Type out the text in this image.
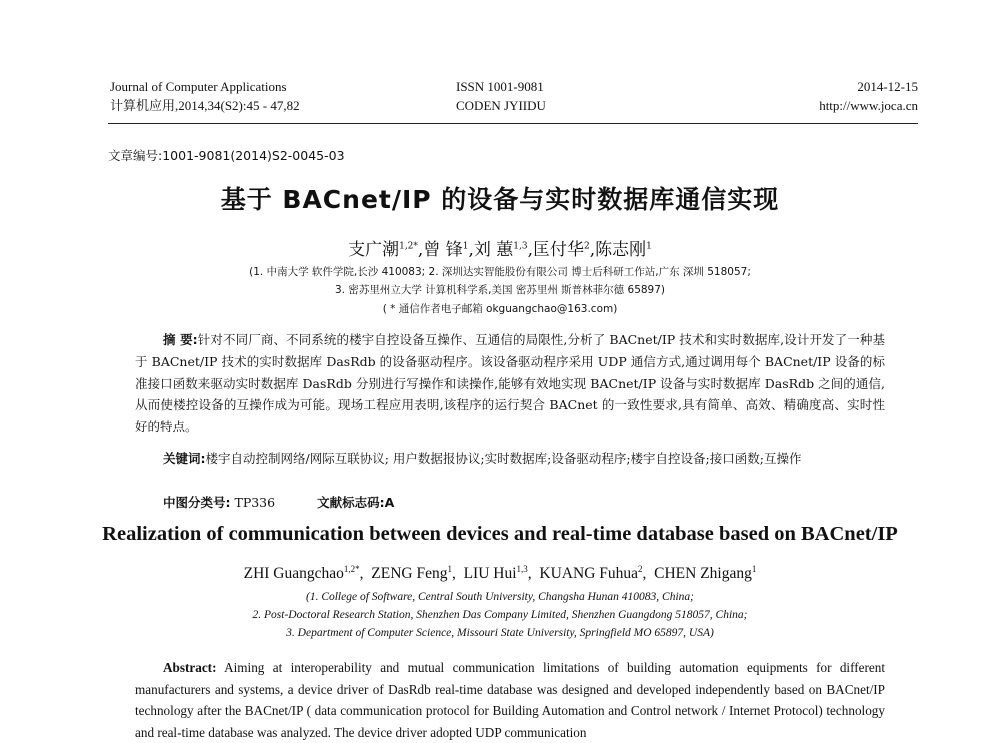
Journal of Computer Applications
计算机应用,2014,34(S2):45 - 47,82
ISSN 1001-9081
CODEN JYIIDU
2014-12-15
http://www.joca.cn
文章编号:1001-9081(2014)S2-0045-03
基于 BACnet/IP 的设备与实时数据库通信实现
支广潮$^{1,2*}$,曾 锋$^1$,刘 蕙$^{1,3}$,匡付华$^2$,陈志刚$^1$
(1. 中南大学 软件学院,长沙 410083; 2. 深圳达实智能股份有限公司 博士后科研工作站,广东 深圳 518057;
3. 密苏里州立大学 计算机科学系,美国 密苏里州 斯普林菲尔德 65897)
( * 通信作者电子邮箱 okguangchao@163.com)
摘 要:针对不同厂商、不同系统的楼宇自控设备互操作、互通信的局限性,分析了 BACnet/IP 技术和实时数据库,设计开发了一种基于 BACnet/IP 技术的实时数据库 DasRdb 的设备驱动程序。该设备驱动程序采用 UDP 通信方式,通过调用每个 BACnet/IP 设备的标准接口函数来驱动实时数据库 DasRdb 分别进行写操作和读操作,能够有效地实现 BACnet/IP 设备与实时数据库 DasRdb 之间的通信,从而使楼控设备的互操作成为可能。现场工程应用表明,该程序的运行契合 BACnet 的一致性要求,具有简单、高效、精确度高、实时性好的特点。
关键词:楼宇自动控制网络/网际互联协议; 用户数据报协议;实时数据库;设备驱动程序;楼宇自控设备;接口函数;互操作
中图分类号: TP336	文献标志码:A
Realization of communication between devices and real-time database based on BACnet/IP
ZHI Guangchao$^{1,2*}$,  ZENG Feng$^1$,  LIU Hui$^{1,3}$,  KUANG Fuhua$^2$,  CHEN Zhigang$^1$
(1. College of Software, Central South University, Changsha Hunan 410083, China;
2. Post-Doctoral Research Station, Shenzhen Das Company Limited, Shenzhen Guangdong 518057, China;
3. Department of Computer Science, Missouri State University, Springfield MO 65897, USA)
Abstract: Aiming at interoperability and mutual communication limitations of building automation equipments for different manufacturers and systems, a device driver of DasRdb real-time database was designed and developed independently based on BACnet/IP technology after the BACnet/IP ( data communication protocol for Building Automation and Control network / Internet Protocol) technology and real-time database was analyzed. The device driver adopted UDP communication
